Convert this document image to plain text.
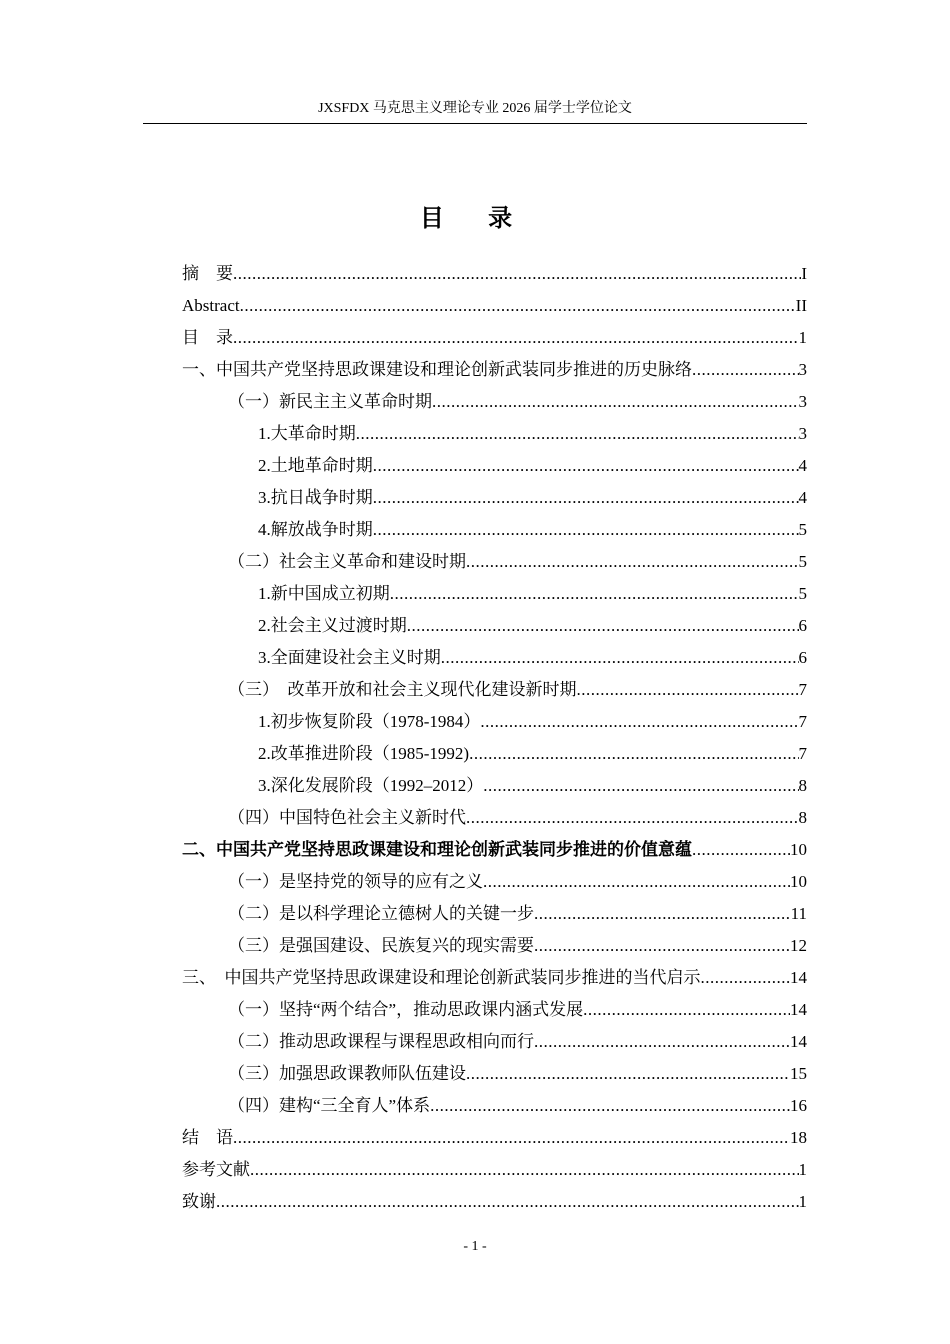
JXSFDX 马克思主义理论专业 2026 届学士学位论文
目 录
摘　要 .....	I
Abstract .....	II
目　录 .....	1
一、中国共产党坚持思政课建设和理论创新武装同步推进的历史脉络 .....	3
（一）新民主主义革命时期 .....	3
1.大革命时期 .....	3
2.土地革命时期 .....	4
3.抗日战争时期 .....	4
4.解放战争时期 .....	5
（二）社会主义革命和建设时期 .....	5
1.新中国成立初期 .....	5
2.社会主义过渡时期 .....	6
3.全面建设社会主义时期 .....	6
（三）  改革开放和社会主义现代化建设新时期 .....	7
1.初步恢复阶段（1978-1984） .....	7
2.改革推进阶段（1985-1992) .....	7
3.深化发展阶段（1992–2012） .....	8
（四）中国特色社会主义新时代 .....	8
二、中国共产党坚持思政课建设和理论创新武装同步推进的价值意蕴 .....	10
（一）是坚持党的领导的应有之义 .....	10
（二）是以科学理论立德树人的关键一步 .....	11
（三）是强国建设、民族复兴的现实需要 .....	12
三、  中国共产党坚持思政课建设和理论创新武装同步推进的当代启示 .....	14
（一）坚持“两个结合”，推动思政课内涵式发展 .....	14
（二）推动思政课程与课程思政相向而行 .....	14
（三）加强思政课教师队伍建设 .....	15
（四）建构“三全育人”体系 .....	16
结　语 .....	18
参考文献 .....	1
致谢 .....	1
- 1 -
